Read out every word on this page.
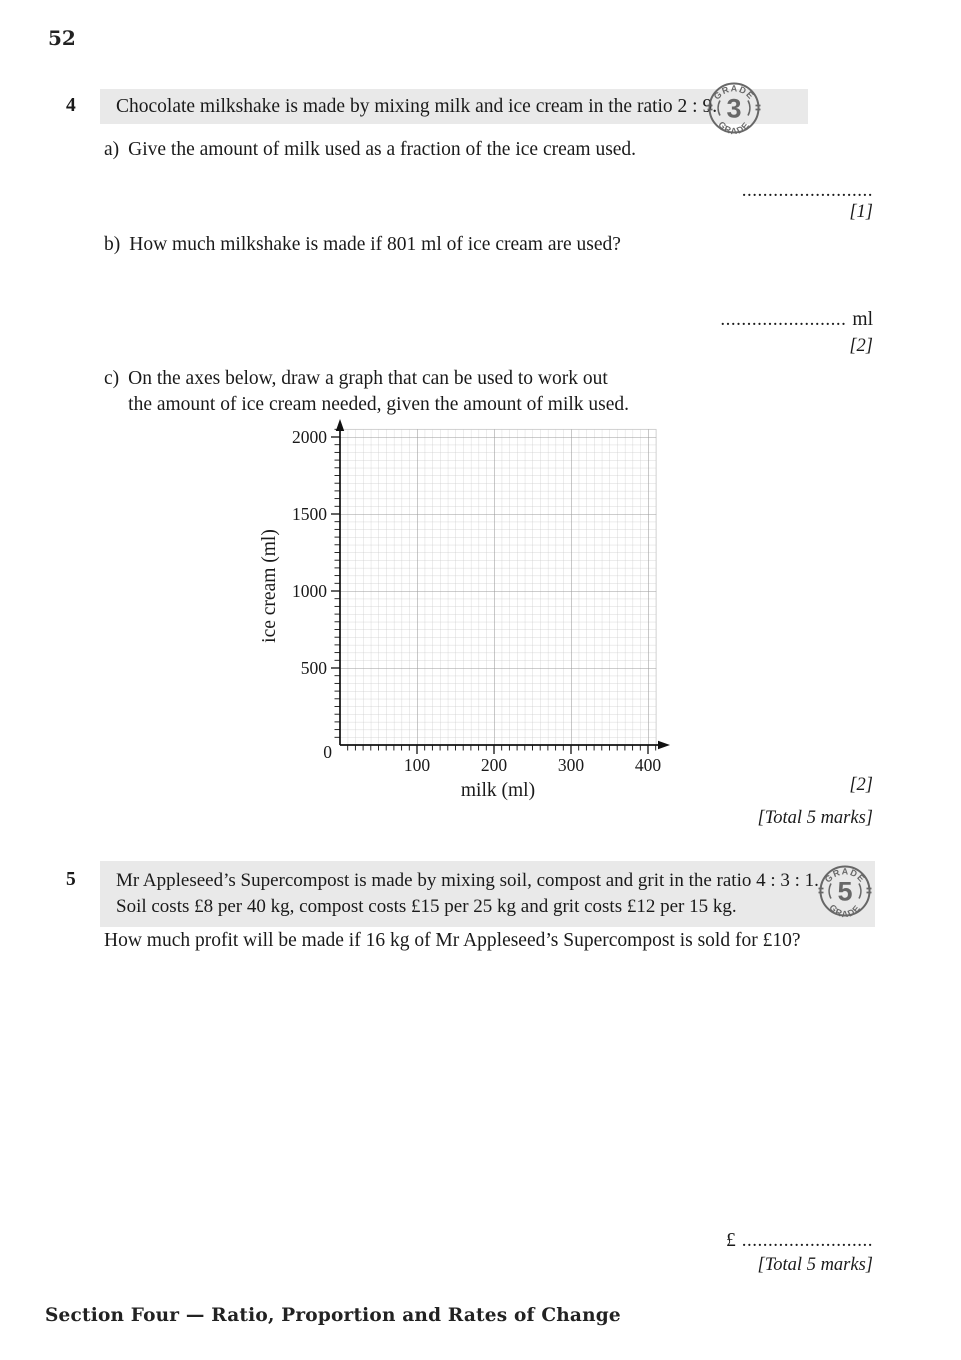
52
4	Chocolate milkshake is made by mixing milk and ice cream in the ratio 2 : 9.
GRADE
GRADE
3
a) Give the amount of milk used as a fraction of the ice cream used.
.........................
[1]
b) How much milkshake is made if 801 ml of ice cream are used?
........................ ml
[2]
c) On the axes below, draw a graph that can be used to work out
the amount of ice cream needed, given the amount of milk used.
100	200	300	400
500
1000
1500
2000
0
milk (ml)
ice cream (ml)
[2]
[Total 5 marks]
5	Mr Appleseed’s Supercompost is made by mixing soil, compost and grit in the ratio 4 : 3 : 1.
Soil costs £8 per 40 kg, compost costs £15 per 25 kg and grit costs £12 per 15 kg.
GRADE
GRADE
5
How much profit will be made if 16 kg of Mr Appleseed’s Supercompost is sold for £10?
£ .........................
[Total 5 marks]
Section Four — Ratio, Proportion and Rates of Change
